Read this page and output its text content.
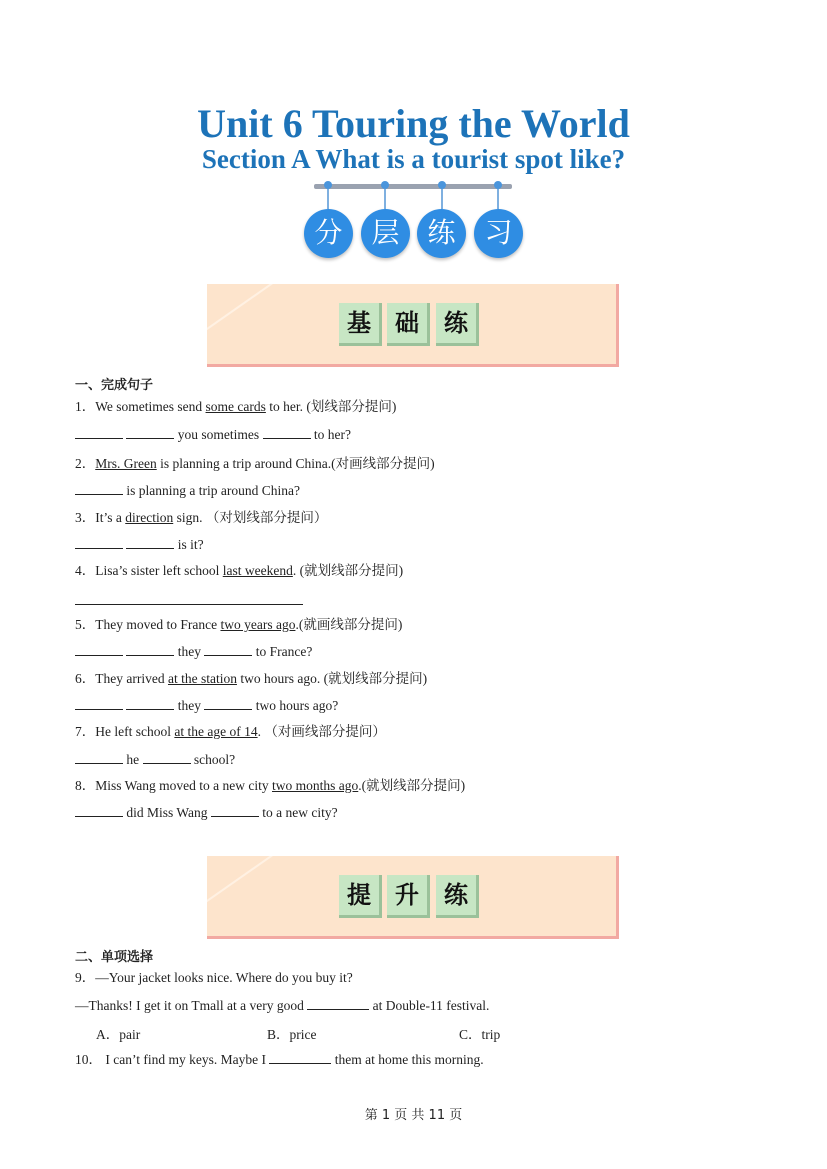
Unit 6 Touring the World
Section A What is a tourist spot like?
分	层 练	习
基	础	练
一、完成句子
1．We sometimes send some cards to her. (划线部分提问)
you sometimes	to her?
2．Mrs. Green is planning a trip around China.(对画线部分提问)
is planning a trip around China?
3．It’s a direction sign. （对划线部分提问）
is it?
4．Lisa’s sister left school last weekend. (就划线部分提问)
5．They moved to France two years ago.(就画线部分提问)
they	to France?
6．They arrived at the station two hours ago. (就划线部分提问)
they	two hours ago?
7．He left school at the age of 14. （对画线部分提问）
he	school?
8．Miss Wang moved to a new city two months ago.(就划线部分提问)
did Miss Wang	to a new city?
提	升	练
二、单项选择
9．—Your jacket looks nice. Where do you buy it?
—Thanks! I get it on Tmall at a very good	at Double-11 festival.
A．pair	B．price	C．trip
10． I can’t find my keys. Maybe I	them at home this morning.
第 1 页 共 11 页
